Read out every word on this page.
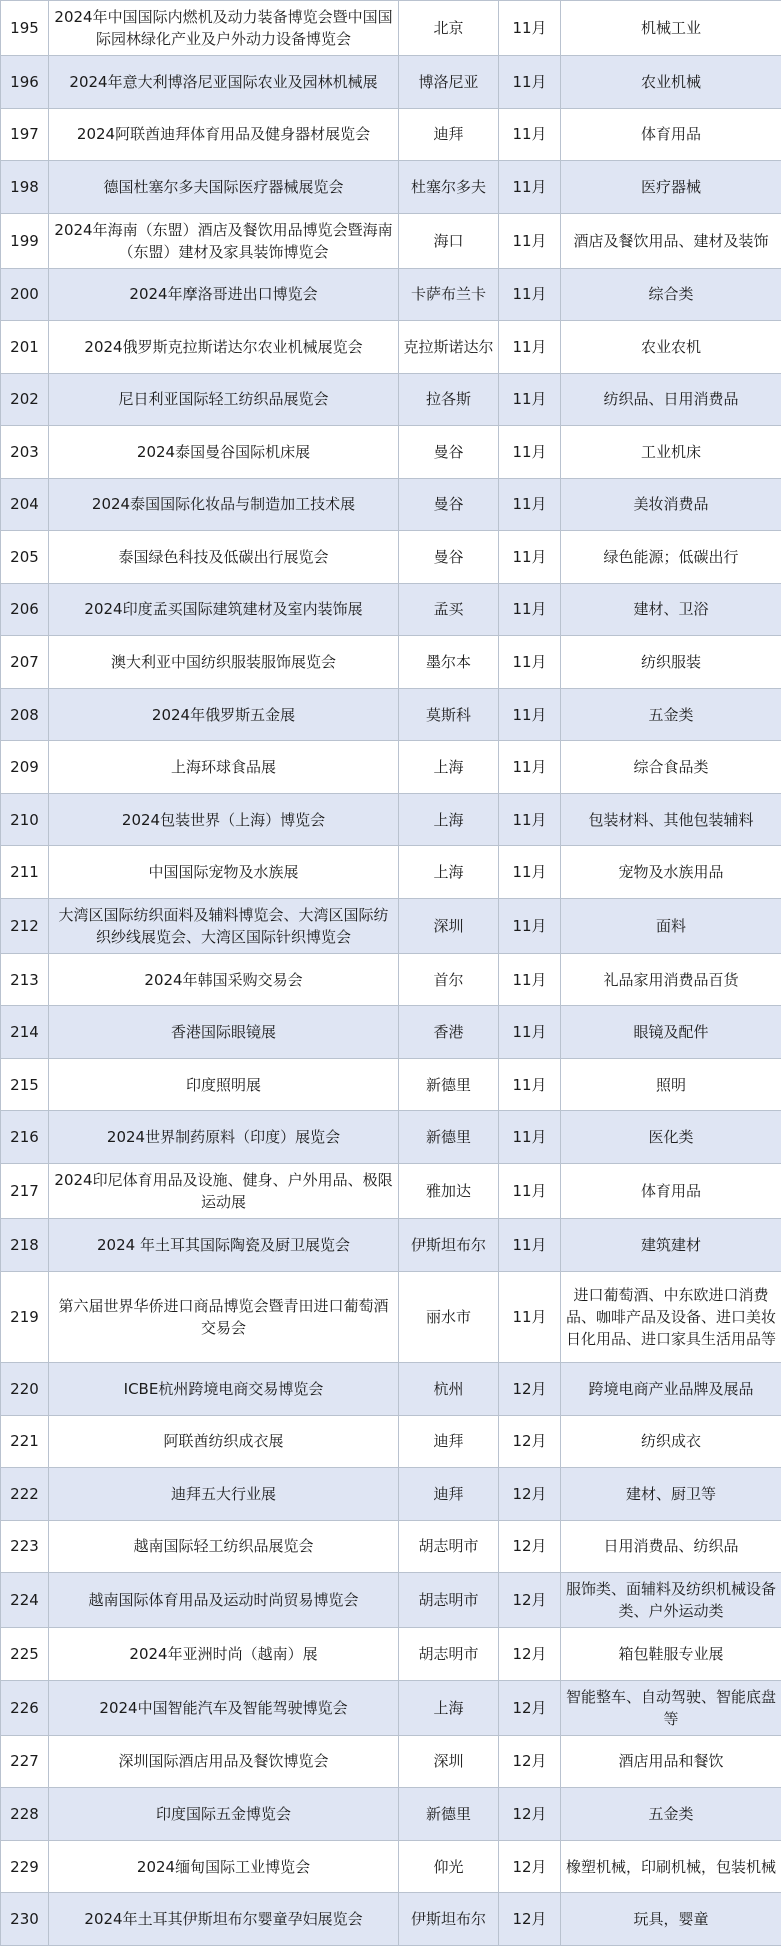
195	2024年中国国际内燃机及动力装备博览会暨中国国际园林绿化产业及户外动力设备博览会	北京	11月	机械工业
196	2024年意大利博洛尼亚国际农业及园林机械展	博洛尼亚	11月	农业机械
197	2024阿联酋迪拜体育用品及健身器材展览会	迪拜	11月	体育用品
198	德国杜塞尔多夫国际医疗器械展览会	杜塞尔多夫	11月	医疗器械
199	2024年海南（东盟）酒店及餐饮用品博览会暨海南（东盟）建材及家具装饰博览会	海口	11月	酒店及餐饮用品、建材及装饰
200	2024年摩洛哥进出口博览会	卡萨布兰卡	11月	综合类
201	2024俄罗斯克拉斯诺达尔农业机械展览会	克拉斯诺达尔	11月	农业农机
202	尼日利亚国际轻工纺织品展览会	拉各斯	11月	纺织品、日用消费品
203	2024泰国曼谷国际机床展	曼谷	11月	工业机床
204	2024泰国国际化妆品与制造加工技术展	曼谷	11月	美妆消费品
205	泰国绿色科技及低碳出行展览会	曼谷	11月	绿色能源；低碳出行
206	2024印度孟买国际建筑建材及室内装饰展	孟买	11月	建材、卫浴
207	澳大利亚中国纺织服装服饰展览会	墨尔本	11月	纺织服装
208	2024年俄罗斯五金展	莫斯科	11月	五金类
209	上海环球食品展	上海	11月	综合食品类
210	2024包装世界（上海）博览会	上海	11月	包装材料、其他包装辅料
211	中国国际宠物及水族展	上海	11月	宠物及水族用品
212	大湾区国际纺织面料及辅料博览会、大湾区国际纺织纱线展览会、大湾区国际针织博览会	深圳	11月	面料
213	2024年韩国采购交易会	首尔	11月	礼品家用消费品百货
214	香港国际眼镜展	香港	11月	眼镜及配件
215	印度照明展	新德里	11月	照明
216	2024世界制药原料（印度）展览会	新德里	11月	医化类
217	2024印尼体育用品及设施、健身、户外用品、极限运动展	雅加达	11月	体育用品
218	2024 年土耳其国际陶瓷及厨卫展览会	伊斯坦布尔	11月	建筑建材
219	第六届世界华侨进口商品博览会暨青田进口葡萄酒交易会	丽水市	11月	进口葡萄酒、中东欧进口消费品、咖啡产品及设备、进口美妆日化用品、进口家具生活用品等
220	ICBE杭州跨境电商交易博览会	杭州	12月	跨境电商产业品牌及展品
221	阿联酋纺织成衣展	迪拜	12月	纺织成衣
222	迪拜五大行业展	迪拜	12月	建材、厨卫等
223	越南国际轻工纺织品展览会	胡志明市	12月	日用消费品、纺织品
224	越南国际体育用品及运动时尚贸易博览会	胡志明市	12月	服饰类、面辅料及纺织机械设备类、户外运动类
225	2024年亚洲时尚（越南）展	胡志明市	12月	箱包鞋服专业展
226	2024中国智能汽车及智能驾驶博览会	上海	12月	智能整车、自动驾驶、智能底盘等
227	深圳国际酒店用品及餐饮博览会	深圳	12月	酒店用品和餐饮
228	印度国际五金博览会	新德里	12月	五金类
229	2024缅甸国际工业博览会	仰光	12月	橡塑机械，印刷机械，包装机械
230	2024年土耳其伊斯坦布尔婴童孕妇展览会	伊斯坦布尔	12月	玩具，婴童
